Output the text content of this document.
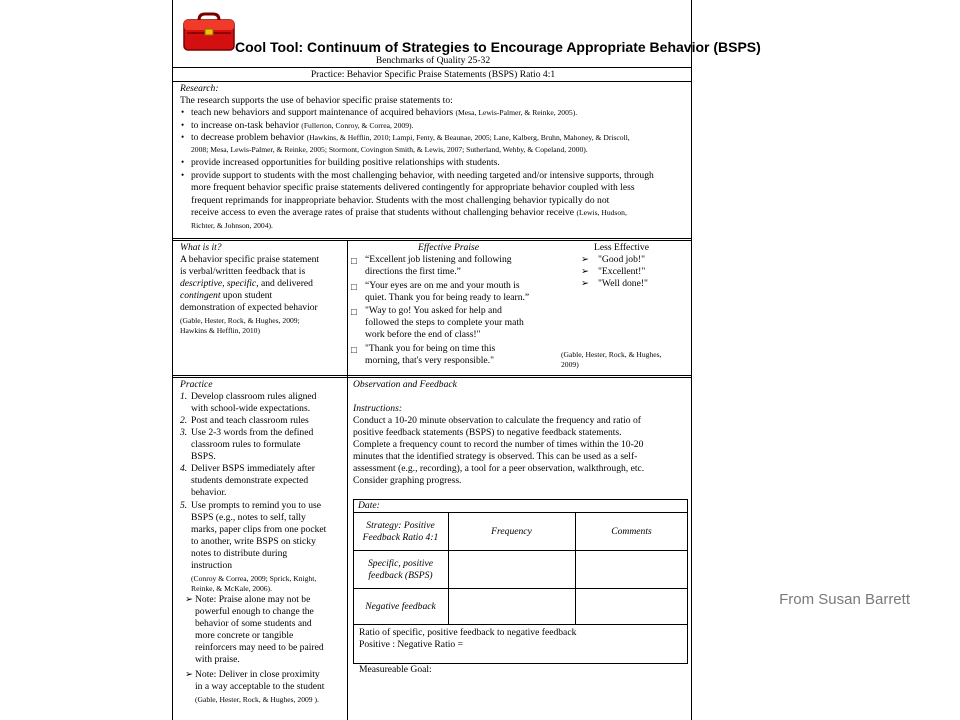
Cool Tool: Continuum of Strategies to Encourage Appropriate Behavior (BSPS)
Benchmarks of Quality 25-32
Practice: Behavior Specific Praise Statements (BSPS) Ratio 4:1
Research:
The research supports the use of behavior specific praise statements to:
• teach new behaviors and support maintenance of acquired behaviors (Mesa, Lewis-Palmer, & Reinke, 2005).
• to increase on-task behavior (Fullerton, Conroy, & Correa, 2009).
• to decrease problem behavior (Hawkins, & Hefflin, 2010; Lampi, Fenty, & Beaunae, 2005; Lane, Kalberg, Bruhn, Mahoney, & Driscoll,
2008; Mesa, Lewis-Palmer, & Reinke, 2005; Stormont, Covington Smith, & Lewis, 2007; Sutherland, Wehby, & Copeland, 2000).
• provide increased opportunities for building positive relationships with students.
• provide support to students with the most challenging behavior, with needing targeted and/or intensive supports, through
more frequent behavior specific praise statements delivered contingently for appropriate behavior coupled with less
frequent reprimands for inappropriate behavior. Students with the most challenging behavior typically do not
receive access to even the average rates of praise that students without challenging behavior receive (Lewis, Hudson,
Richter, & Johnson, 2004).
What is it?
A behavior specific praise statement
is verbal/written feedback that is
descriptive, specific, and delivered
contingent upon student
demonstration of expected behavior
(Gable, Hester, Rock, & Hughes, 2009;
Hawkins & Hefflin, 2010)
Effective Praise
□ “Excellent job listening and following
directions the first time.”
□ “Your eyes are on me and your mouth is
quiet. Thank you for being ready to learn.”
□ "Way to go! You asked for help and
followed the steps to complete your math
work before the end of class!"
□ "Thank you for being on time this
morning, that's very responsible."
Less Effective
➢ "Good job!"
➢ "Excellent!"
➢ "Well done!"
(Gable, Hester, Rock, & Hughes,
2009)
Practice
1. Develop classroom rules aligned
with school-wide expectations.
2. Post and teach classroom rules
3. Use 2-3 words from the defined
classroom rules to formulate
BSPS.
4. Deliver BSPS immediately after
students demonstrate expected
behavior.
5. Use prompts to remind you to use
BSPS (e.g., notes to self, tally
marks, paper clips from one pocket
to another, write BSPS on sticky
notes to distribute during
instruction
(Conroy & Correa, 2009; Sprick, Knight,
Reinke, & McKale, 2006).
➢ Note: Praise alone may not be
powerful enough to change the
behavior of some students and
more concrete or tangible
reinforcers may need to be paired
with praise.
➢ Note: Deliver in close proximity
in a way acceptable to the student
(Gable, Hester, Rock, & Hughes, 2009 ).
Observation and Feedback
Instructions:
Conduct a 10-20 minute observation to calculate the frequency and ratio of
positive feedback statements (BSPS) to negative feedback statements.
Complete a frequency count to record the number of times within the 10-20
minutes that the identified strategy is observed. This can be used as a self-
assessment (e.g., recording), a tool for a peer observation, walkthrough, etc.
Consider graphing progress.
Date:
Strategy: Positive
Feedback Ratio 4:1
Frequency	Comments
Specific, positive
feedback (BSPS)
Negative feedback
Ratio of specific, positive feedback to negative feedback
Positive : Negative Ratio =
Measureable Goal:
From Susan Barrett
